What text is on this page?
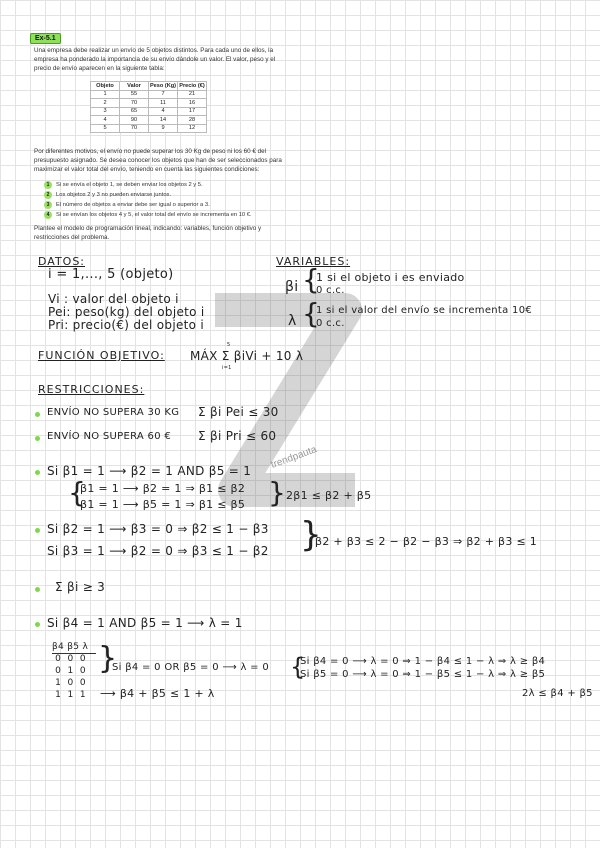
Ex-5.1
Una empresa debe realizar un envío de 5 objetos distintos. Para cada uno de ellos, la empresa ha ponderado la importancia de su envío dándole un valor. El valor, peso y el precio de envío aparecen en la siguiente tabla:
Objeto	Valor	Peso (Kg)	Precio (€)
1	55	7	21
2	70	11	16
3	65	4	17
4	90	14	28
5	70	9	12
Por diferentes motivos, el envío no puede superar los 30 Kg de peso ni los 60 € del presupuesto asignado. Se desea conocer los objetos que han de ser seleccionados para maximizar el valor total del envío, teniendo en cuenta las siguientes condiciones:
1 Si se envía el objeto 1, se deben enviar los objetos 2 y 5.
2 Los objetos 2 y 3 no pueden enviarse juntos.
3 El número de objetos a enviar debe ser igual o superior a 3.
4 Si se envían los objetos 4 y 5, el valor total del envío se incrementa en 10 €.
Plantee el modelo de programación lineal, indicando: variables, función objetivo y restricciones del problema.
trendpauta
DATOS:
i = 1,..., 5 (objeto)
Vi : valor del objeto i
Pei: peso(kg) del objeto i
Pri: precio(€) del objeto i
VARIABLES:
βi {
1 si el objeto i es enviado
0 c.c.
λ {
1 si el valor del envío se incrementa 10€
0 c.c.
FUNCIÓN OBJETIVO: MÁX Σ βiVi + 10 λ
5
i=1
RESTRICCIONES:
ENVÍO NO SUPERA 30 KG Σ βi Pei ≤ 30
ENVÍO NO SUPERA 60 € Σ βi Pri ≤ 60
Si β1 = 1 ⟶ β2 = 1 AND β5 = 1
{
β1 = 1 ⟶ β2 = 1 ⇒ β1 ≤ β2
β1 = 1 ⟶ β5 = 1 ⇒ β1 ≤ β5 } 2β1 ≤ β2 + β5
Si β2 = 1 ⟶ β3 = 0 ⇒ β2 ≤ 1 − β3
Si β3 = 1 ⟶ β2 = 0 ⇒ β3 ≤ 1 − β2 }
β2 + β3 ≤ 2 − β2 − β3 ⇒ β2 + β3 ≤ 1
Σ βi ≥ 3
Si β4 = 1 AND β5 = 1 ⟶ λ = 1
β4 β5 λ
0 0 0
0 1 0
1 0 0
1 1 1
}
Si β4 = 0 OR β5 = 0 ⟶ λ = 0 {
Si β4 = 0 ⟶ λ = 0 ⇒ 1 − β4 ≤ 1 − λ ⇒ λ ≥ β4
Si β5 = 0 ⟶ λ = 0 ⇒ 1 − β5 ≤ 1 − λ ⇒ λ ≥ β5
2λ ≤ β4 + β5
⟶ β4 + β5 ≤ 1 + λ
